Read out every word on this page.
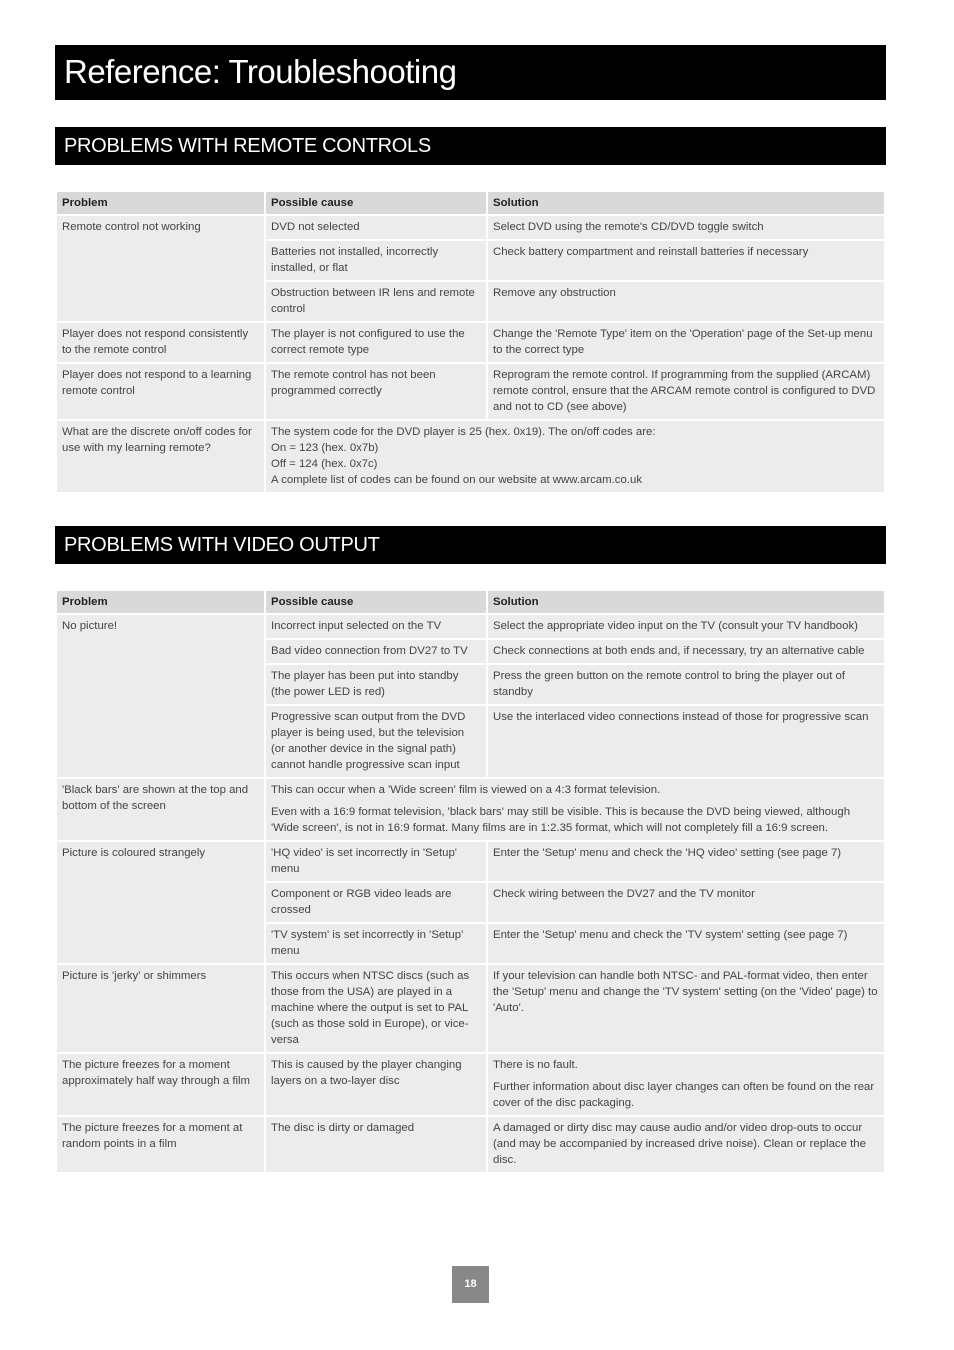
Reference: Troubleshooting
PROBLEMS WITH REMOTE CONTROLS
Problem	Possible cause	Solution
Remote control not working	DVD not selected	Select DVD using the remote's CD/DVD toggle switch
	Batteries not installed, incorrectly installed, or flat	Check battery compartment and reinstall batteries if necessary
	Obstruction between IR lens and remote control	Remove any obstruction
Player does not respond consistently to the remote control	The player is not configured to use the correct remote type	Change the 'Remote Type' item on the 'Operation' page of the Set-up menu to the correct type
Player does not respond to a learning remote control	The remote control has not been programmed correctly	Reprogram the remote control. If programming from the supplied (ARCAM) remote control, ensure that the ARCAM remote control is configured to DVD and not to CD (see above)
What are the discrete on/off codes for use with my learning remote?	The system code for the DVD player is 25 (hex. 0x19). The on/off codes are:
On = 123 (hex. 0x7b)
Off = 124 (hex. 0x7c)
A complete list of codes can be found on our website at www.arcam.co.uk	
PROBLEMS WITH VIDEO OUTPUT
Problem	Possible cause	Solution
No picture!	Incorrect input selected on the TV	Select the appropriate video input on the TV (consult your TV handbook)
	Bad video connection from DV27 to TV	Check connections at both ends and, if necessary, try an alternative cable
	The player has been put into standby (the power LED is red)	Press the green button on the remote control to bring the player out of standby
	Progressive scan output from the DVD player is being used, but the television (or another device in the signal path) cannot handle progressive scan input	Use the interlaced video connections instead of those for progressive scan
'Black bars' are shown at the top and bottom of the screen	This can occur when a 'Wide screen' film is viewed on a 4:3 format television.
Even with a 16:9 format television, 'black bars' may still be visible. This is because the DVD being viewed, although 'Wide screen', is not in 16:9 format. Many films are in 1:2.35 format, which will not completely fill a 16:9 screen.	

Picture is coloured strangely	'HQ video' is set incorrectly in 'Setup' menu	Enter the 'Setup' menu and check the 'HQ video' setting (see page 7)
	Component or RGB video leads are crossed	Check wiring between the DV27 and the TV monitor
	'TV system' is set incorrectly in 'Setup' menu	Enter the 'Setup' menu and check the 'TV system' setting (see page 7)
Picture is 'jerky' or shimmers	This occurs when NTSC discs (such as those from the USA) are played in a machine where the output is set to PAL (such as those sold in Europe), or vice-versa	If your television can handle both NTSC- and PAL-format video, then enter the 'Setup' menu and change the 'TV system' setting (on the 'Video' page) to 'Auto'.
The picture freezes for a moment approximately half way through a film	This is caused by the player changing layers on a two-layer disc	There is no fault.
Further information about disc layer changes can often be found on the rear cover of the disc packaging.

The picture freezes for a moment at random points in a film	The disc is dirty or damaged	A damaged or dirty disc may cause audio and/or video drop-outs to occur (and may be accompanied by increased drive noise). Clean or replace the disc.
18
